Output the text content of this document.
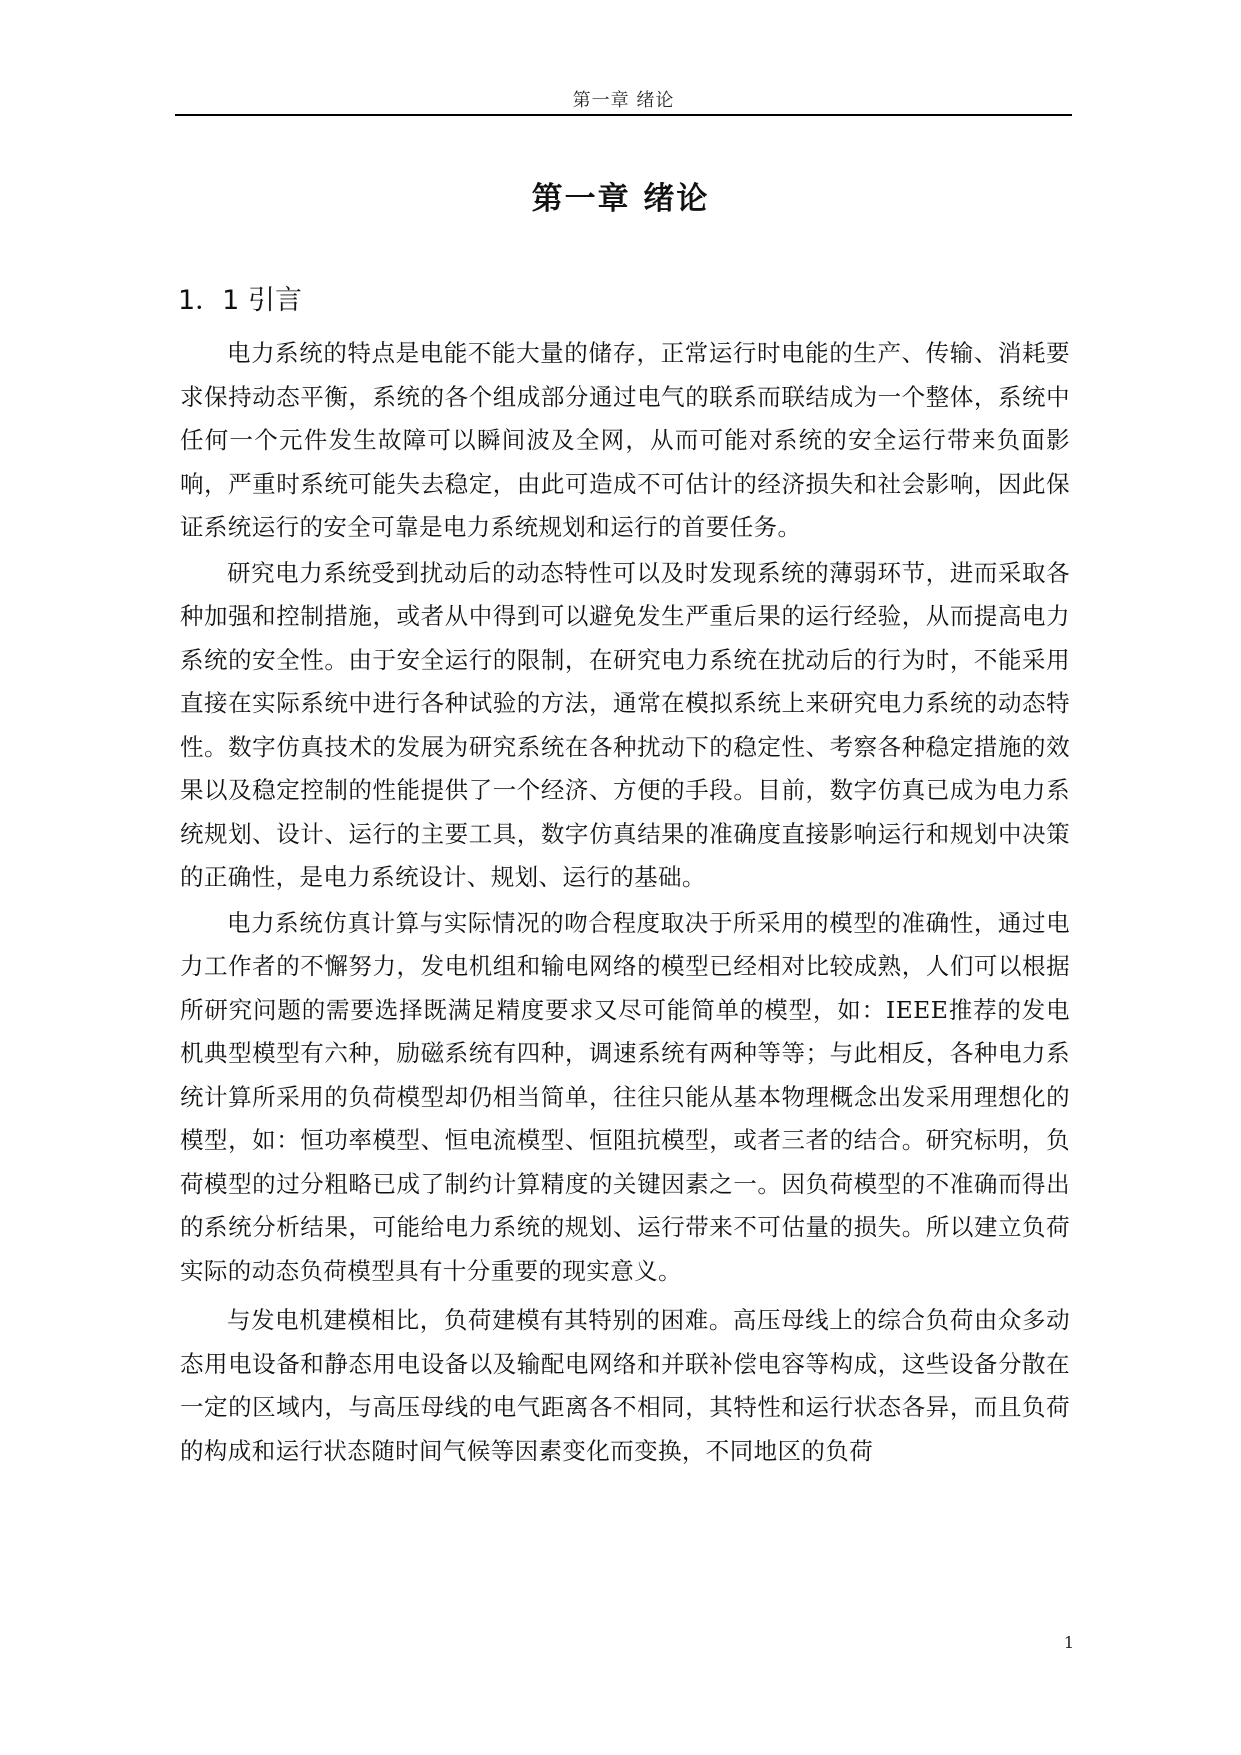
第一章 绪论
第一章 绪论
1．1 引言

电力系统的特点是电能不能大量的储存，正常运行时电能的生产、传输、消耗要求保持动态平衡，系统的各个组成部分通过电气的联系而联结成为一个整体，系统中任何一个元件发生故障可以瞬间波及全网，从而可能对系统的安全运行带来负面影响，严重时系统可能失去稳定，由此可造成不可估计的经济损失和社会影响，因此保证系统运行的安全可靠是电力系统规划和运行的首要任务。

研究电力系统受到扰动后的动态特性可以及时发现系统的薄弱环节，进而采取各种加强和控制措施，或者从中得到可以避免发生严重后果的运行经验，从而提高电力系统的安全性。由于安全运行的限制，在研究电力系统在扰动后的行为时，不能采用直接在实际系统中进行各种试验的方法，通常在模拟系统上来研究电力系统的动态特性。数字仿真技术的发展为研究系统在各种扰动下的稳定性、考察各种稳定措施的效果以及稳定控制的性能提供了一个经济、方便的手段。目前，数字仿真已成为电力系统规划、设计、运行的主要工具，数字仿真结果的准确度直接影响运行和规划中决策的正确性，是电力系统设计、规划、运行的基础。

电力系统仿真计算与实际情况的吻合程度取决于所采用的模型的准确性，通过电力工作者的不懈努力，发电机组和输电网络的模型已经相对比较成熟，人们可以根据所研究问题的需要选择既满足精度要求又尽可能简单的模型，如：IEEE推荐的发电机典型模型有六种，励磁系统有四种，调速系统有两种等等；与此相反，各种电力系统计算所采用的负荷模型却仍相当简单，往往只能从基本物理概念出发采用理想化的模型，如：恒功率模型、恒电流模型、恒阻抗模型，或者三者的结合。研究标明，负荷模型的过分粗略已成了制约计算精度的关键因素之一。因负荷模型的不准确而得出的系统分析结果，可能给电力系统的规划、运行带来不可估量的损失。所以建立负荷实际的动态负荷模型具有十分重要的现实意义。

与发电机建模相比，负荷建模有其特别的困难。高压母线上的综合负荷由众多动态用电设备和静态用电设备以及输配电网络和并联补偿电容等构成，这些设备分散在一定的区域内，与高压母线的电气距离各不相同，其特性和运行状态各异，而且负荷的构成和运行状态随时间气候等因素变化而变换，不同地区的负荷

1
